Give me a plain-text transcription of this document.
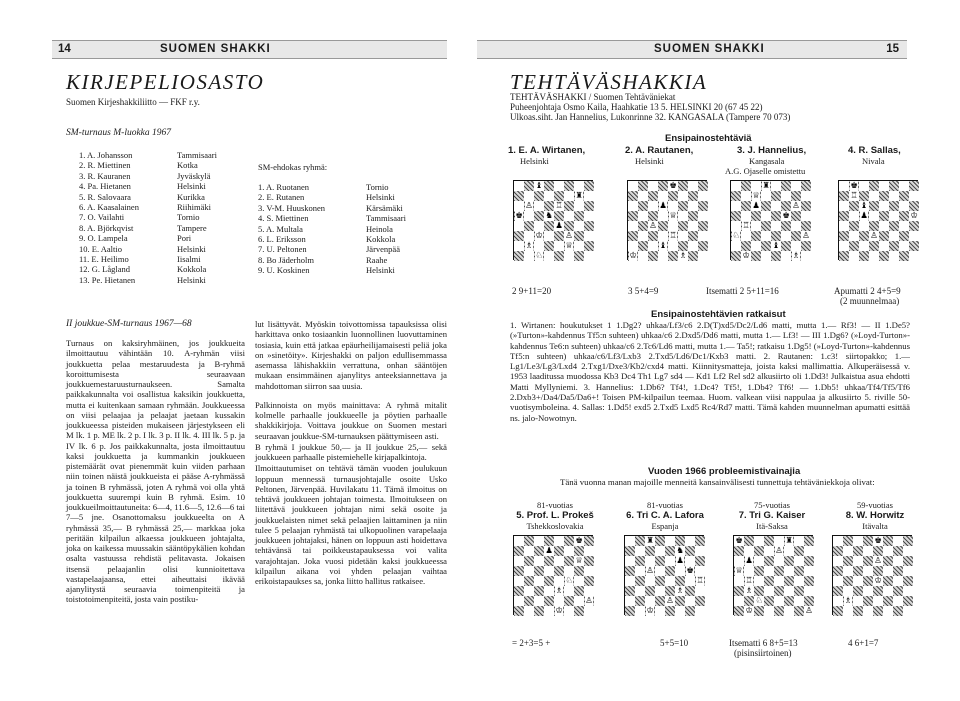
14	SUOMEN SHAKKI
KIRJEPELIOSASTO
Suomen Kirjeshakkiliitto — FKF r.y.
SM-turnaus M-luokka 1967
1. A. Johansson	Tammisaari
2. R. Miettinen	Kotka
3. R. Kauranen	Jyväskylä
4. Pa. Hietanen	Helsinki
5. R. Salovaara	Kurikka
6. A. Kaasalainen	Riihimäki
7. O. Vailahti	Tornio
8. A. Björkqvist	Tampere
9. O. Lampela	Pori
10. E. Aaltio	Helsinki
11. E. Heilimo	Iisalmi
12. G. Lågland	Kokkola
13. Pe. Hietanen	Helsinki
SM-ehdokas ryhmä:
1. A. Ruotanen	Tornio
2. E. Rutanen	Helsinki
3. V-M. Huuskonen	Kärsämäki
4. S. Miettinen	Tammisaari
5. A. Multala	Heinola
6. L. Eriksson	Kokkola
7. U. Peltonen	Järvenpää
8. Bo Jäderholm	Raahe
9. U. Koskinen	Helsinki
II joukkue-SM-turnaus 1967—68
Turnaus on kaksiryhmäinen, jos joukkueita ilmoittautuu vähintään 10. A-ryhmän viisi joukkuetta pelaa mestaruudesta ja B-ryhmä koroittumisesta seuraavaan joukkuemestaruusturnaukseen. Samalta paikkakunnalta voi osallistua kaksikin joukkuetta, mutta ei kuitenkaan samaan ryhmään. Joukkueessa on viisi pelaajaa ja pelaajat jaetaan kussakin joukkueessa pisteiden mukaiseen järjestykseen eli M lk. 1 p. ME lk. 2 p. I lk. 3 p. II lk. 4. III lk. 5 p. ja IV lk. 6 p. Jos paikkakunnalta, josta ilmoittautuu kaksi joukkuetta ja kummankin joukkueen pistemäärät ovat pienemmät kuin viiden parhaan niin toinen näistä joukkueista ei pääse A-ryhmässä ja toinen B ryhmässä, joten A ryhmä voi olla yhtä joukkuetta suurempi kuin B ryhmä. Esim. 10 joukkueilmoittautuneita: 6—4, 11.6—5, 12.6—6 tai 7—5 jne. Osanottomaksu joukkueelta on A ryhmässä 35,— B ryhmässä 25,— markkaa joka peritään kilpailun alkaessa joukkueen johtajalta, joka on kaikessa muussakin sääntöpykälien kohdan osalta vastuussa rehdistä pelitavasta. Jokaisen itsensä pelaajanlin olisi kunnioitettava vastapelaajaansa, ettei aiheuttaisi ikävää ajanylitystä seuraavia toimenpiteitä ja toistotoimenpiteitä, josta vain postiku-
lut lisättyvät. Myöskin toivottomissa tapauksissa olisi harkittava onko tosiaankin luonnollinen luovuttaminen tosiasia, kuin että jatkaa epäurheilijamaisesti peliä joka on »sinetöity». Kirjeshakki on paljon edullisemmassa asemassa lähishakkiin verrattuna, onhan sääntöjen mukaan ensimmäinen ajanylitys anteeksiannettava ja mahdottoman siirron saa uusia.
Palkinnoista on myös mainittava: A ryhmä mitalit kolmelle parhaalle joukkueelle ja pöytien parhaalle shakkikirjoja. Voittava joukkue on Suomen mestari seuraavan joukkue-SM-turnauksen päättymiseen asti.
B ryhmä I joukkue 50,— ja II joukkue 25,— sekä joukkueen parhaalle pistemiehelle kirjapalkintoja.
Ilmoittautumiset on tehtävä tämän vuoden joulukuun loppuun mennessä turnausjohtajalle osoite Usko Peltonen, Järvenpää. Huvilakatu 11. Tämä ilmoitus on tehtävä joukkueen johtajan toimesta. Ilmoitukseen on liitettävä joukkueen johtajan nimi sekä osoite ja joukkuelaisten nimet sekä pelaajien laittaminen ja niin tulee 5 pelaajan ryhmästä tai ulkopuolinen varapelaaja joukkueen johtajaksi, hänen on loppuun asti hoidettava tehtävänsä tai poikkeustapauksessa voi valita varajohtajan. Joka vuosi pidetään kaksi joukkueessa kilpailun aikana voi yhden pelaajan vaihtaa erikoistapaukses sa, jonka liitto hallitus ratkaisee.
SUOMEN SHAKKI	15
TEHTÄVÄSHAKKIA
TEHTÄVÄSHAKKI / Suomen Tehtäväniekat
Puheenjohtaja Osmo Kaila, Haahkatie 13 5. HELSINKI 20 (67 45 22)
Ulkoas.siht. Jan Hannelius, Lukonrinne 32. KANGASALA (Tampere 70 073)
Ensipainostehtäviä
1. E. A. Wirtanen,
Helsinki
2. A. Rautanen,
Helsinki
3. J. Hannelius,
Kangasala
A.G. Ojaselle omistettu
4. R. Sallas,
Nivala
♝
♜
♙	♖
♚	♞
♟
♔	♙
♗	♕
♘
♚
♟
♕
♙
♖
♝
♔	♗
♜
♕
♟	♙
♚
♖
♘	♙
♝
♔	♗
♚
♖
♝
♟	♔
♙
2 9+11=20	3 5+4=9	Itsematti 2 5+11=16	Apumatti 2 4+5=9
(2 muunnelmaa)
Ensipainostehtävien ratkaisut
1. Wirtanen: houkutukset 1 1.Dg2? uhkaa/Lf3/c6 2.D(T)xd5/Dc2/Ld6 matti, mutta 1.— Rf3! — II 1.De5? (»Turton»-kahdennus Tf5:n suhteen) uhkaa/c6 2.Dxd5/Dd6 matti, mutta 1.— Lf3! — III 1.Dg6? (»Loyd-Turton»-kahdennus Te6:n suhteen) uhkaa/c6 2.Tc6/Ld6 matti, mutta 1.— Ta5!; ratkaisu 1.Dg5! (»Loyd-Turton»-kahdennus Tf5:n suhteen) uhkaa/c6/Lf3/Lxb3 2.Txd5/Ld6/Dc1/Kxb3 matti. 2. Rautanen: 1.c3! siirtopakko; 1.— Lg1/Le3/Lg3/Lxd4 2.Txg1/Dxe3/Kb2/cxd4 matti. Kiinnitysmatteja, joista kaksi mallimattia. Alkuperäisessä v. 1953 laaditussa muodossa Kb3 Dc4 Th1 Lg7 sd4 — Kd1 Lf2 Rel sd2 alkusiirto oli 1.Dd3! Julkaistua asua ehdotti Matti Myllyniemi. 3. Hannelius: 1.Db6? Tf4!, 1.Dc4? Tf5!, 1.Db4? Tf6! — 1.Db5! uhkaa/Tf4/Tf5/Tf6 2.Dxb3+/Da4/Da5/Da6+! Toisen PM-kilpailun teemaa. Huom. valkean viisi nappulaa ja alkusiirto 5. riville 50-vuotisymboleina. 4. Sallas: 1.Dd5! exd5 2.Txd5 Lxd5 Rc4/Rd7 matti. Tämä kahden muunnelman apumatti esittää ns. jalo-Nowotnyn.
Vuoden 1966 probleemistivainajia
Tänä vuonna manan majoille menneitä kansainvälisesti tunnettuja tehtäväniekkoja olivat:
81-vuotias
5. Prof. L. Prokeš
Tshekkoslovakia
81-vuotias
6. Tri C. A. Lafora
Espanja
75-vuotias
7. Tri G. Kaiser
Itä-Saksa
59-vuotias
8. W. Horwitz
Itävalta
♚
♟
♕
♘
♗
♙
♔
♜
♞
♟
♙	♚
♖
♗
♙
♔
♚	♜
♙
♟
♕
♖
♗
♘
♔	♙
♚
♙
♔
♗
= 2+3=5 +	5+5=10	Itsematti 6 8+5=13
(pisinsiirtoinen)
4 6+1=7
